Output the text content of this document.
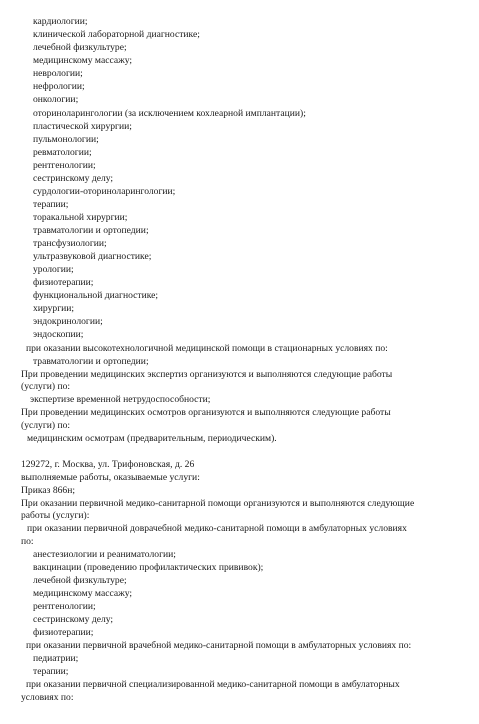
кардиологии;
клинической лабораторной диагностике;
лечебной физкультуре;
медицинскому массажу;
неврологии;
нефрологии;
онкологии;
оториноларингологии (за исключением кохлеарной имплантации);
пластической хирургии;
пульмонологии;
ревматологии;
рентгенологии;
сестринскому делу;
сурдологии-оториноларингологии;
терапии;
торакальной хирургии;
травматологии и ортопедии;
трансфузиологии;
ультразвуковой диагностике;
урологии;
физиотерапии;
функциональной диагностике;
хирургии;
эндокринологии;
эндоскопии;
при оказании высокотехнологичной медицинской помощи в стационарных условиях по:
травматологии и ортопедии;
При проведении медицинских экспертиз организуются и выполняются следующие работы
(услуги) по:
экспертизе временной нетрудоспособности;
При проведении медицинских осмотров организуются и выполняются следующие работы
(услуги) по:
медицинским осмотрам (предварительным, периодическим).
129272, г. Москва, ул. Трифоновская, д. 26
выполняемые работы, оказываемые услуги:
Приказ 866н;
При оказании первичной медико-санитарной помощи организуются и выполняются следующие
работы (услуги):
при оказании первичной доврачебной медико-санитарной помощи в амбулаторных условиях
по:
анестезиологии и реаниматологии;
вакцинации (проведению профилактических прививок);
лечебной физкультуре;
медицинскому массажу;
рентгенологии;
сестринскому делу;
физиотерапии;
при оказании первичной врачебной медико-санитарной помощи в амбулаторных условиях по:
педиатрии;
терапии;
при оказании первичной специализированной медико-санитарной помощи в амбулаторных
условиях по:
